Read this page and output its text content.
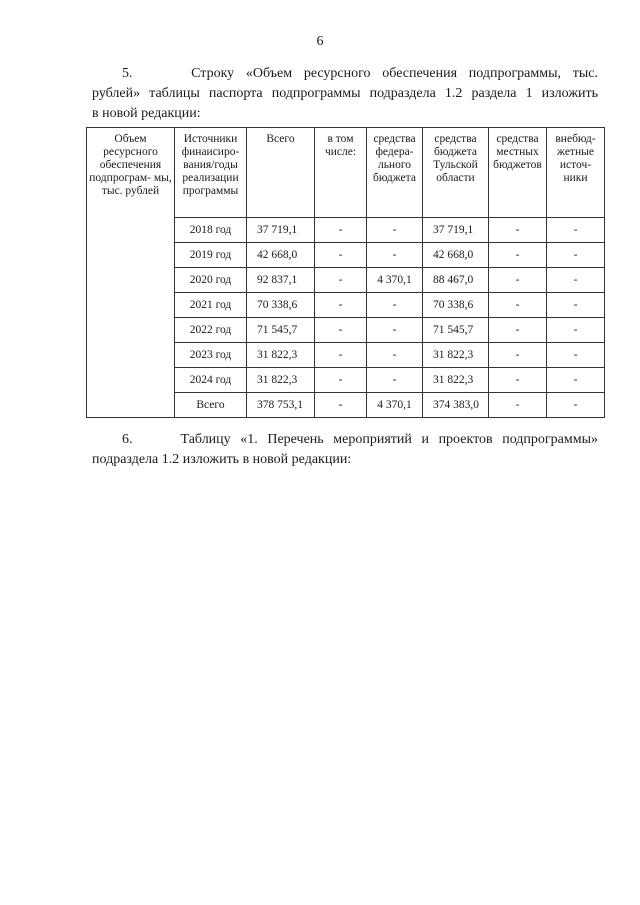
6
5.     Строку «Объем ресурсного обеспечения подпрограммы, тыс.
рублей» таблицы паспорта подпрограммы подраздела 1.2 раздела 1 изложить
в новой редакции:
Объем ресурсного обеспечения подпрограм- мы, тыс. рублей	Источники финаисиро- вания/годы реализации программы	Всего	в том числе:	средства федера- льного бюджета	средства бюджета Тульской области	средства местных бюджетов	внебюд- жетные источ- ники
	2018 год	37 719,1	-	-	37 719,1	-	-
	2019 год	42 668,0	-	-	42 668,0	-	-
	2020 год	92 837,1	-	4 370,1	88 467,0	-	-
	2021 год	70 338,6	-	-	70 338,6	-	-
	2022 год	71 545,7	-	-	71 545,7	-	-
	2023 год	31 822,3	-	-	31 822,3	-	-
	2024 год	31 822,3	-	-	31 822,3	-	-
	Всего	378 753,1	-	4 370,1	374 383,0	-	-
6.     Таблицу «1. Перечень мероприятий и проектов подпрограммы»
подраздела 1.2 изложить в новой редакции:
